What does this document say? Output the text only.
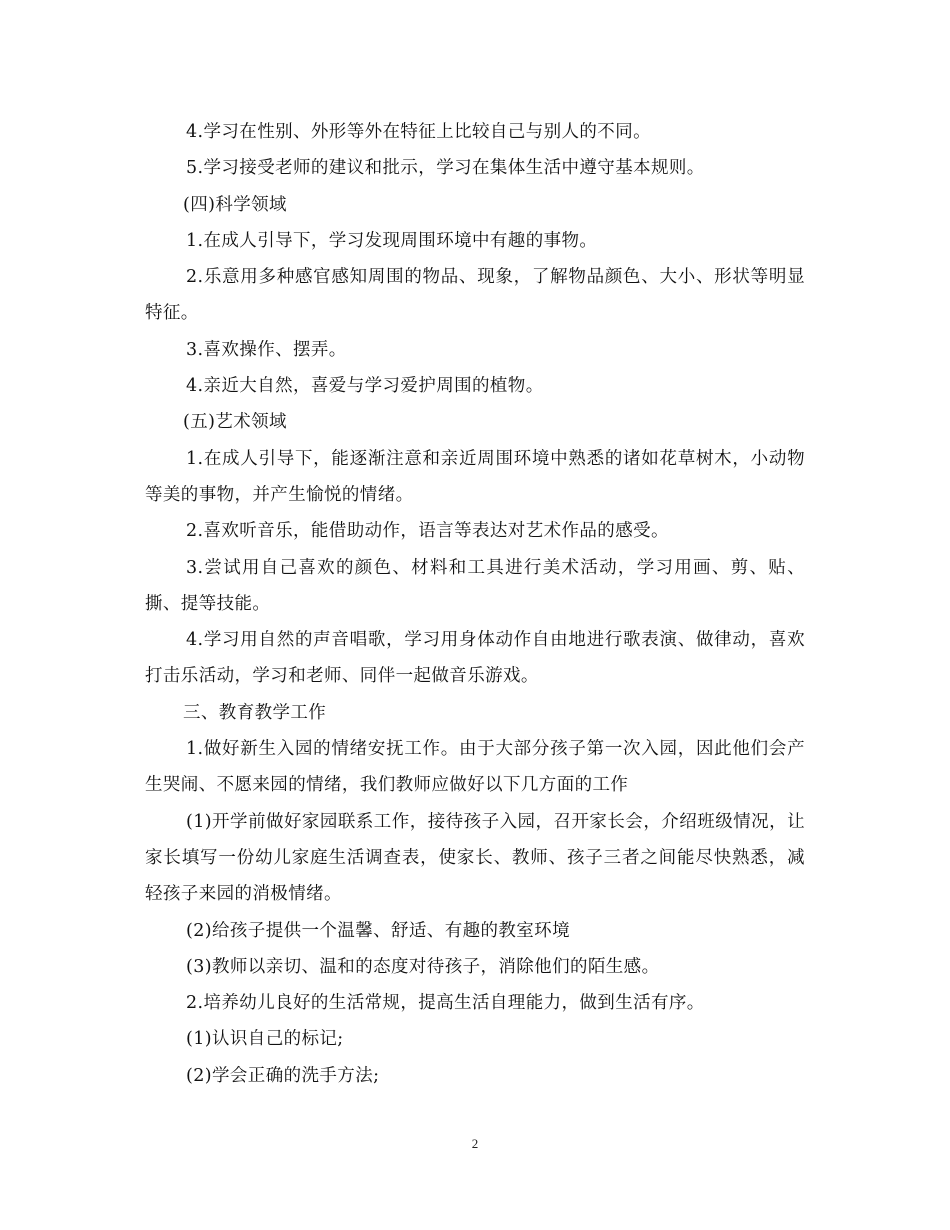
4.学习在性别、外形等外在特征上比较自己与别人的不同。

5.学习接受老师的建议和批示，学习在集体生活中遵守基本规则。

(四)科学领域

1.在成人引导下，学习发现周围环境中有趣的事物。

2.乐意用多种感官感知周围的物品、现象，了解物品颜色、大小、形状等明显特征。

3.喜欢操作、摆弄。

4.亲近大自然，喜爱与学习爱护周围的植物。

(五)艺术领域

1.在成人引导下，能逐渐注意和亲近周围环境中熟悉的诸如花草树木，小动物等美的事物，并产生愉悦的情绪。

2.喜欢听音乐，能借助动作，语言等表达对艺术作品的感受。

3.尝试用自己喜欢的颜色、材料和工具进行美术活动，学习用画、剪、贴、撕、提等技能。

4.学习用自然的声音唱歌，学习用身体动作自由地进行歌表演、做律动，喜欢打击乐活动，学习和老师、同伴一起做音乐游戏。

三、教育教学工作

1.做好新生入园的情绪安抚工作。由于大部分孩子第一次入园，因此他们会产生哭闹、不愿来园的情绪，我们教师应做好以下几方面的工作

(1)开学前做好家园联系工作，接待孩子入园，召开家长会，介绍班级情况，让家长填写一份幼儿家庭生活调查表，使家长、教师、孩子三者之间能尽快熟悉，减轻孩子来园的消极情绪。

(2)给孩子提供一个温馨、舒适、有趣的教室环境

(3)教师以亲切、温和的态度对待孩子，消除他们的陌生感。

2.培养幼儿良好的生活常规，提高生活自理能力，做到生活有序。

(1)认识自己的标记;

(2)学会正确的洗手方法;

2
